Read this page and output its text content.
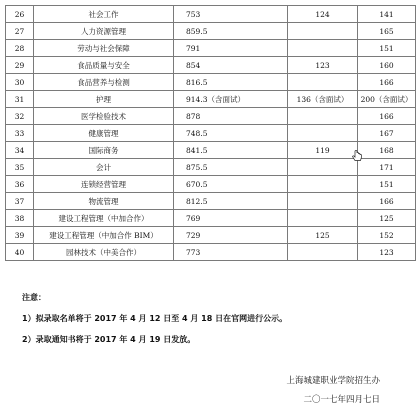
26	社会工作	753	124	141
27	人力资源管理	859.5		165
28	劳动与社会保障	791		151
29	食品质量与安全	854	123	160
30	食品营养与检测	816.5		166
31	护理	914.3（含面试）	136（含面试）	200（含面试）
32	医学检验技术	878		166
33	健康管理	748.5		167
34	国际商务	841.5	119	168
35	会计	875.5		171
36	连锁经营管理	670.5		151
37	物流管理	812.5		166
38	建设工程管理（中加合作）	769		125
39	建设工程管理（中加合作 BIM）	729	125	152
40	园林技术（中美合作）	773		123
注意：
1）拟录取名单将于 2017 年 4 月 12 日至 4 月 18 日在官网进行公示。
2）录取通知书将于 2017 年 4 月 19 日发放。
上海城建职业学院招生办
二〇一七年四月七日
